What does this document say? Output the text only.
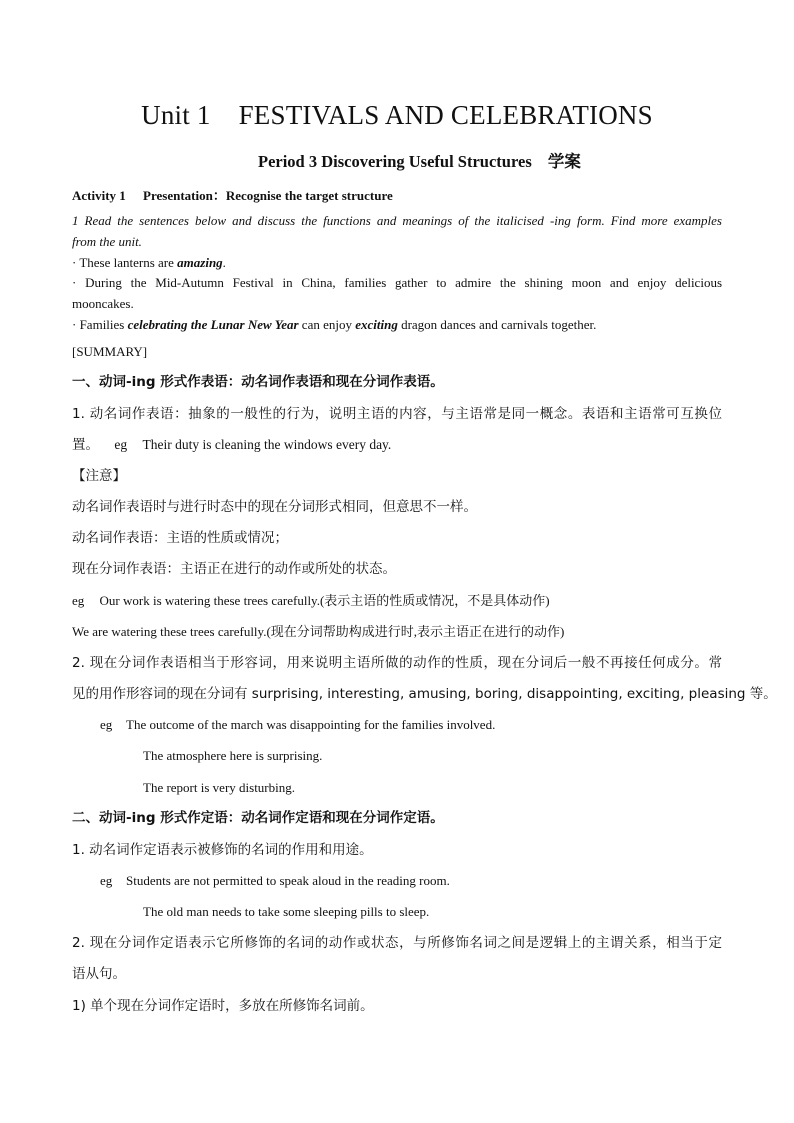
Unit 1 FESTIVALS AND CELEBRATIONS
Period 3 Discovering Useful Structures 学案
Activity 1 Presentation：Recognise the target structure
1 Read the sentences below and discuss the functions and meanings of the italicised -ing form. Find more examples
from the unit.
· These lanterns are amazing.
· During the Mid-Autumn Festival in China, families gather to admire the shining moon and enjoy delicious
mooncakes.
· Families celebrating the Lunar New Year can enjoy exciting dragon dances and carnivals together.
[SUMMARY]
一、动词-ing 形式作表语：动名词作表语和现在分词作表语。
1. 动名词作表语：抽象的一般性的行为，说明主语的内容，与主语常是同一概念。表语和主语常可互换位
置。 eg Their duty is cleaning the windows every day.
【注意】
动名词作表语时与进行时态中的现在分词形式相同，但意思不一样。
动名词作表语：主语的性质或情况；
现在分词作表语：主语正在进行的动作或所处的状态。
eg Our work is watering these trees carefully.(表示主语的性质或情况，不是具体动作)
We are watering these trees carefully.(现在分词帮助构成进行时,表示主语正在进行的动作)
2. 现在分词作表语相当于形容词，用来说明主语所做的动作的性质，现在分词后一般不再接任何成分。常
见的用作形容词的现在分词有 surprising, interesting, amusing, boring, disappointing, exciting, pleasing 等。
eg The outcome of the march was disappointing for the families involved.
The atmosphere here is surprising.
The report is very disturbing.
二、动词-ing 形式作定语：动名词作定语和现在分词作定语。
1. 动名词作定语表示被修饰的名词的作用和用途。
eg Students are not permitted to speak aloud in the reading room.
The old man needs to take some sleeping pills to sleep.
2. 现在分词作定语表示它所修饰的名词的动作或状态，与所修饰名词之间是逻辑上的主谓关系，相当于定
语从句。
1) 单个现在分词作定语时，多放在所修饰名词前。
